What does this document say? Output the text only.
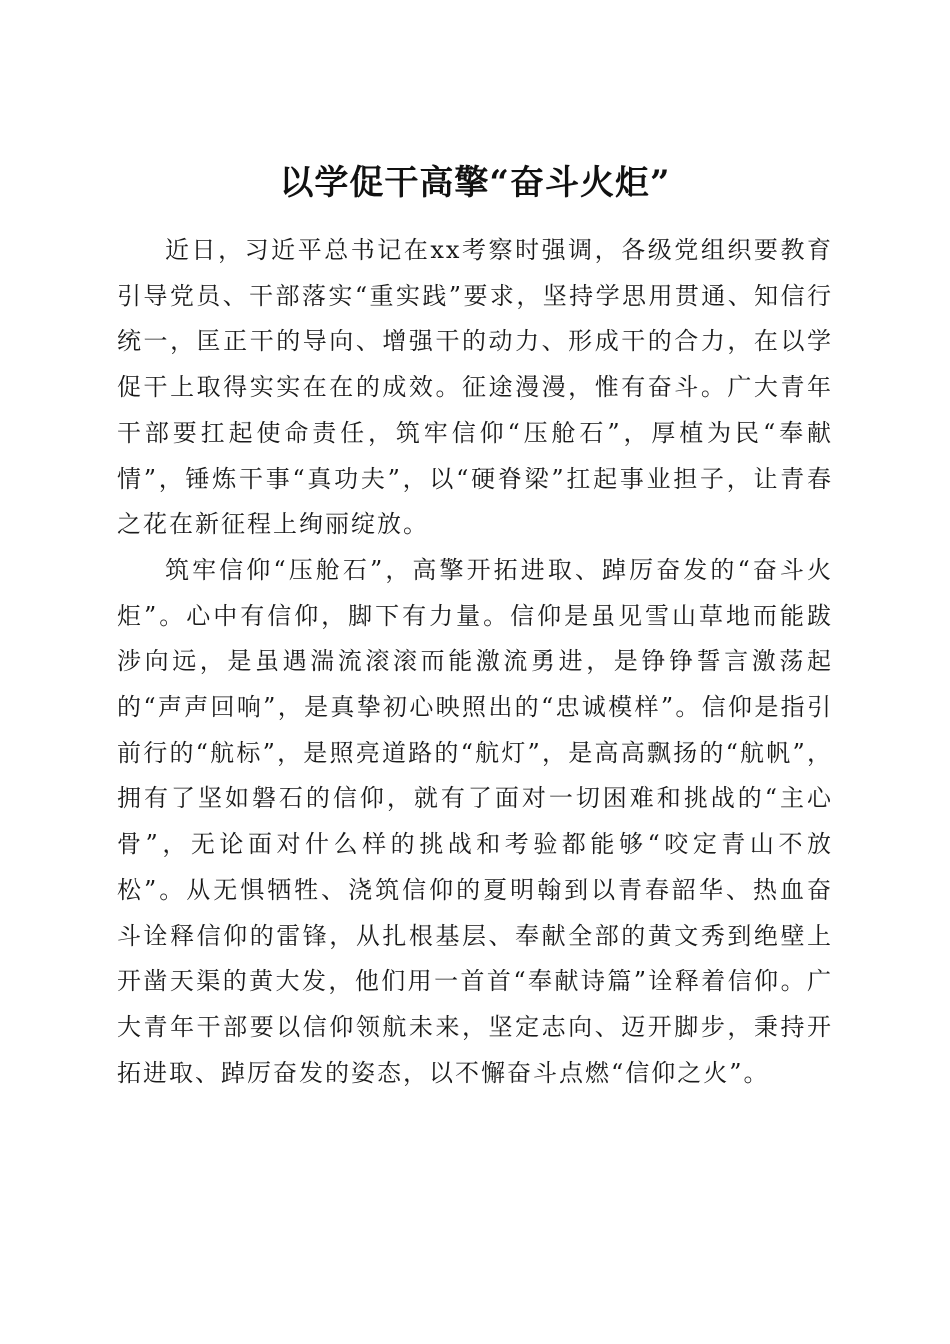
以学促干高擎“奋斗火炬”

近日，习近平总书记在xx考察时强调，各级党组织要教育引导党员、干部落实“重实践”要求，坚持学思用贯通、知信行统一，匡正干的导向、增强干的动力、形成干的合力，在以学促干上取得实实在在的成效。征途漫漫，惟有奋斗。广大青年干部要扛起使命责任，筑牢信仰“压舱石”，厚植为民“奉献情”，锤炼干事“真功夫”，以“硬脊梁”扛起事业担子，让青春之花在新征程上绚丽绽放。

筑牢信仰“压舱石”，高擎开拓进取、踔厉奋发的“奋斗火炬”。心中有信仰，脚下有力量。信仰是虽见雪山草地而能跋涉向远，是虽遇湍流滚滚而能激流勇进，是铮铮誓言激荡起的“声声回响”，是真挚初心映照出的“忠诚模样”。信仰是指引前行的“航标”，是照亮道路的“航灯”，是高高飘扬的“航帆”，拥有了坚如磐石的信仰，就有了面对一切困难和挑战的“主心骨”，无论面对什么样的挑战和考验都能够“咬定青山不放松”。从无惧牺牲、浇筑信仰的夏明翰到以青春韶华、热血奋斗诠释信仰的雷锋，从扎根基层、奉献全部的黄文秀到绝壁上开凿天渠的黄大发，他们用一首首“奉献诗篇”诠释着信仰。广大青年干部要以信仰领航未来，坚定志向、迈开脚步，秉持开拓进取、踔厉奋发的姿态，以不懈奋斗点燃“信仰之火”。
